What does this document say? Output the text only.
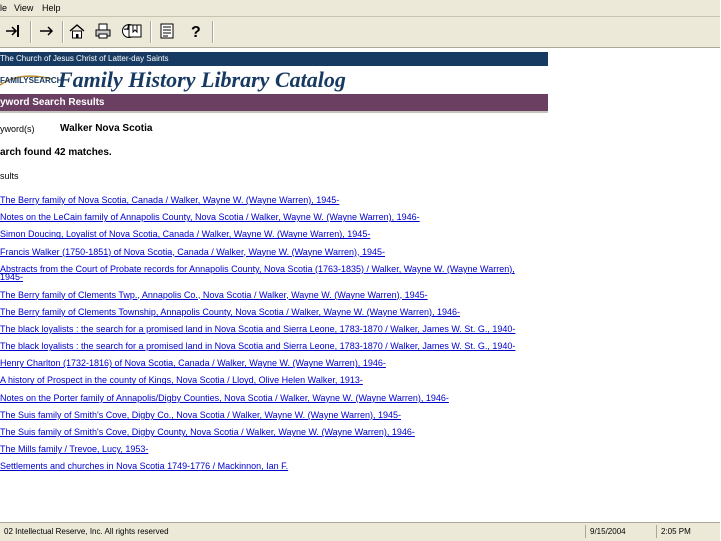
le View Help
?
The Church of Jesus Christ of Latter-day Saints
FAMILYSEARCH
Family History Library Catalog
yword Search Results
yword(s)	Walker Nova Scotia
arch found 42 matches.
sults
The Berry family of Nova Scotia, Canada / Walker, Wayne W. (Wayne Warren), 1945-
Notes on the LeCain family of Annapolis County, Nova Scotia / Walker, Wayne W. (Wayne Warren), 1946-
Simon Doucing, Loyalist of Nova Scotia, Canada / Walker, Wayne W. (Wayne Warren), 1945-
Francis Walker (1750-1851) of Nova Scotia, Canada / Walker, Wayne W. (Wayne Warren), 1945-
Abstracts from the Court of Probate records for Annapolis County, Nova Scotia (1763-1835) / Walker, Wayne W. (Wayne Warren), 1945-
The Berry family of Clements Twp., Annapolis Co., Nova Scotia / Walker, Wayne W. (Wayne Warren), 1945-
The Berry family of Clements Township, Annapolis County, Nova Scotia / Walker, Wayne W. (Wayne Warren), 1946-
The black loyalists : the search for a promised land in Nova Scotia and Sierra Leone, 1783-1870 / Walker, James W. St. G., 1940-
The black loyalists : the search for a promised land in Nova Scotia and Sierra Leone, 1783-1870 / Walker, James W. St. G., 1940-
Henry Charlton (1732-1816) of Nova Scotia, Canada / Walker, Wayne W. (Wayne Warren), 1946-
A history of Prospect in the county of Kings, Nova Scotia / Lloyd, Olive Helen Walker, 1913-
Notes on the Porter family of Annapolis/Digby Counties, Nova Scotia / Walker, Wayne W. (Wayne Warren), 1946-
The Suis family of Smith's Cove, Digby Co., Nova Scotia / Walker, Wayne W. (Wayne Warren), 1945-
The Suis family of Smith's Cove, Digby County, Nova Scotia / Walker, Wayne W. (Wayne Warren), 1946-
The Mills family / Trevoe, Lucy, 1953-
Settlements and churches in Nova Scotia 1749-1776 / Mackinnon, Ian F.
02 Intellectual Reserve, Inc. All rights reserved	9/15/2004	2:05 PM
